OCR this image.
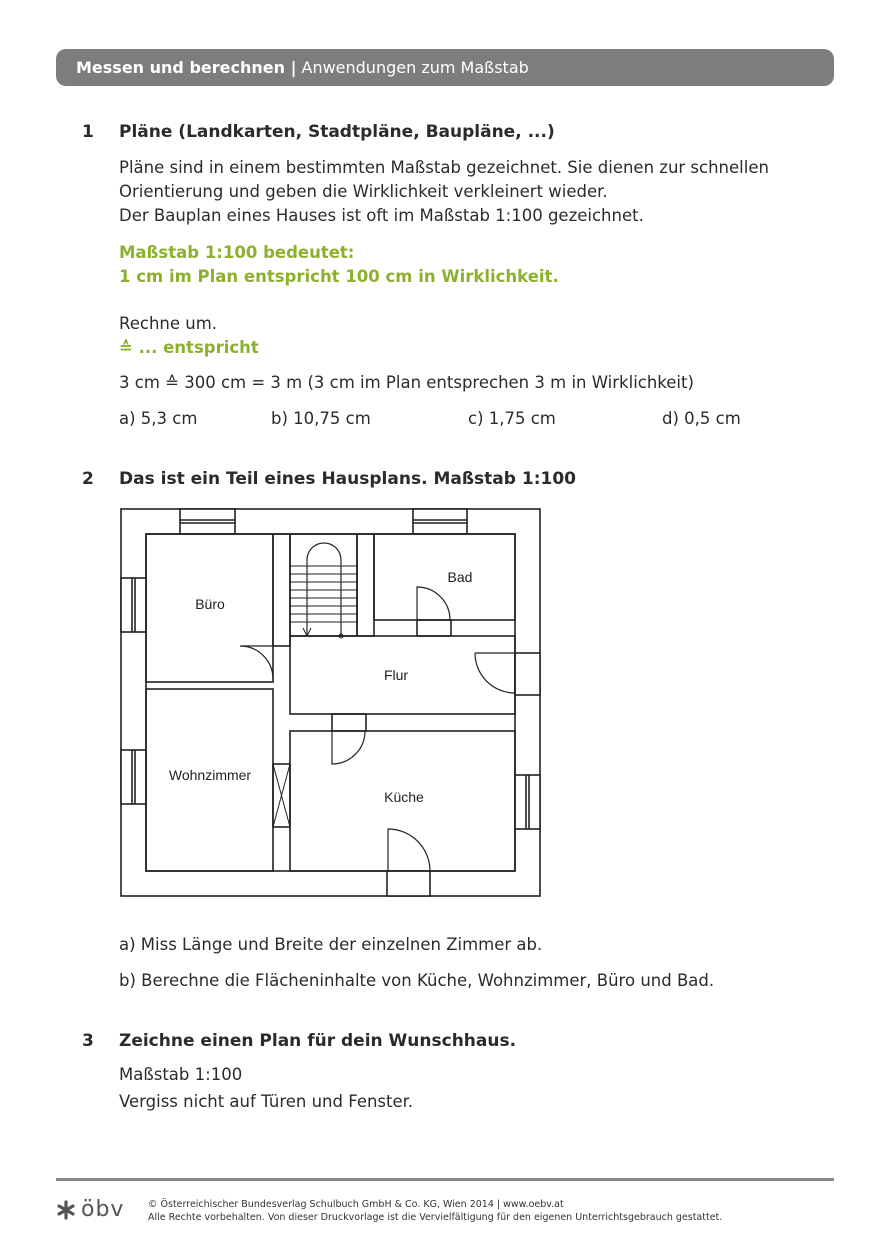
Messen und berechnen | Anwendungen zum Maßstab
1 Pläne (Landkarten, Stadtpläne, Baupläne, ...)
Pläne sind in einem bestimmten Maßstab gezeichnet. Sie dienen zur schnellen
Orientierung und geben die Wirklichkeit verkleinert wieder.
Der Bauplan eines Hauses ist oft im Maßstab 1:100 gezeichnet.
Maßstab 1:100 bedeutet:
1 cm im Plan entspricht 100 cm in Wirklichkeit.
Rechne um.
≙ ... entspricht
3 cm ≙ 300 cm = 3 m (3 cm im Plan entsprechen 3 m in Wirklichkeit)
a) 5,3 cm	b) 10,75 cm	c) 1,75 cm	d) 0,5 cm
2 Das ist ein Teil eines Hausplans. Maßstab 1:100
Büro
Bad
Flur
Wohnzimmer
Küche
a) Miss Länge und Breite der einzelnen Zimmer ab.
b) Berechne die Flächeninhalte von Küche, Wohnzimmer, Büro und Bad.
3 Zeichne einen Plan für dein Wunschhaus.
Maßstab 1:100
Vergiss nicht auf Türen und Fenster.
öbv © Österreichischer Bundesverlag Schulbuch GmbH & Co. KG, Wien 2014 | www.oebv.at
Alle Rechte vorbehalten. Von dieser Druckvorlage ist die Vervielfältigung für den eigenen Unterrichtsgebrauch gestattet.
